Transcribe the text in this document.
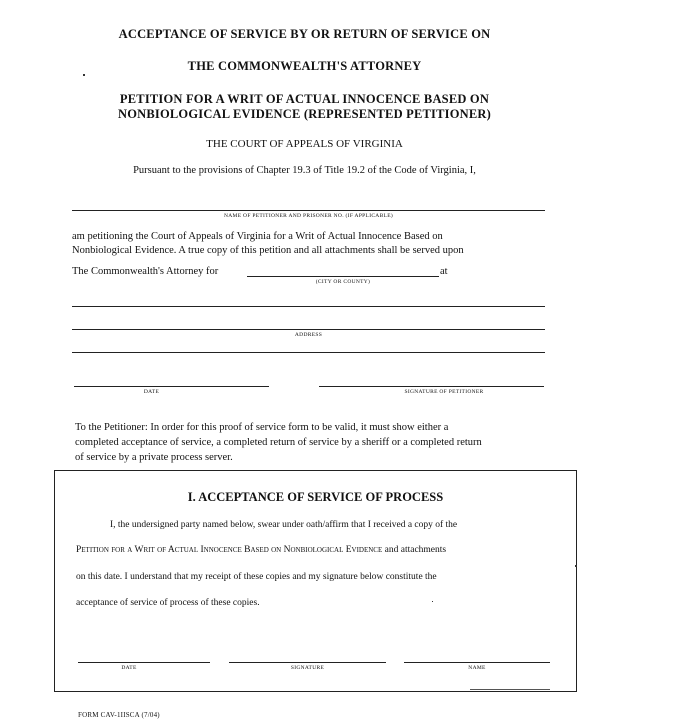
ACCEPTANCE OF SERVICE BY OR RETURN OF SERVICE ON
THE COMMONWEALTH'S ATTORNEY
PETITION FOR A WRIT OF ACTUAL INNOCENCE BASED ON
NONBIOLOGICAL EVIDENCE (REPRESENTED PETITIONER)
THE COURT OF APPEALS OF VIRGINIA
Pursuant to the provisions of Chapter 19.3 of Title 19.2 of the Code of Virginia, I,
NAME OF PETITIONER AND PRISONER NO. (IF APPLICABLE)
am petitioning the Court of Appeals of Virginia for a Writ of Actual Innocence Based on
Nonbiological Evidence. A true copy of this petition and all attachments shall be served upon
The Commonwealth's Attorney for	at
(CITY OR COUNTY)
ADDRESS
DATE	SIGNATURE OF PETITIONER
To the Petitioner: In order for this proof of service form to be valid, it must show either a
completed acceptance of service, a completed return of service by a sheriff or a completed return
of service by a private process server.
I. ACCEPTANCE OF SERVICE OF PROCESS
I, the undersigned party named below, swear under oath/affirm that I received a copy of the
Petition for a Writ of Actual Innocence Based on Nonbiological Evidence and attachments
on this date. I understand that my receipt of these copies and my signature below constitute the
acceptance of service of process of these copies.
DATE	SIGNATURE	NAME
FORM CAV-1IISCA (7/04)
